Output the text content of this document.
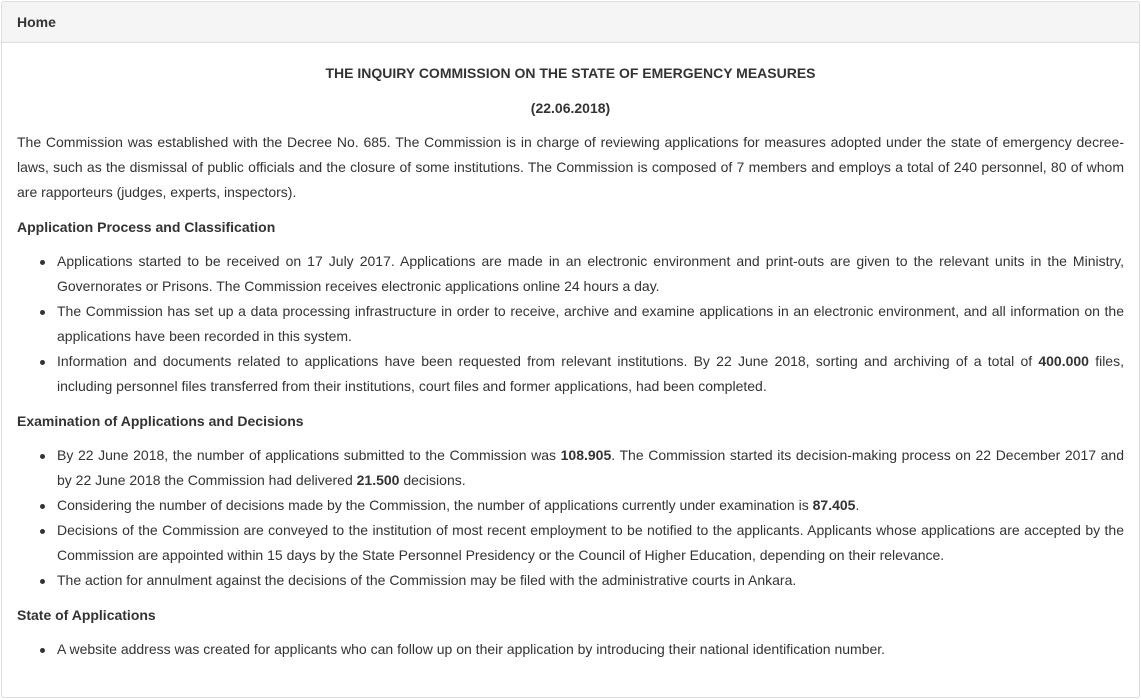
Home
THE INQUIRY COMMISSION ON THE STATE OF EMERGENCY MEASURES
(22.06.2018)
The Commission was established with the Decree No. 685. The Commission is in charge of reviewing applications for measures adopted under the state of emergency decree-laws, such as the dismissal of public officials and the closure of some institutions. The Commission is composed of 7 members and employs a total of 240 personnel, 80 of whom are rapporteurs (judges, experts, inspectors).
Application Process and Classification
Applications started to be received on 17 July 2017. Applications are made in an electronic environment and print-outs are given to the relevant units in the Ministry, Governorates or Prisons. The Commission receives electronic applications online 24 hours a day.
The Commission has set up a data processing infrastructure in order to receive, archive and examine applications in an electronic environment, and all information on the applications have been recorded in this system.
Information and documents related to applications have been requested from relevant institutions. By 22 June 2018, sorting and archiving of a total of 400.000 files, including personnel files transferred from their institutions, court files and former applications, had been completed.
Examination of Applications and Decisions
By 22 June 2018, the number of applications submitted to the Commission was 108.905. The Commission started its decision-making process on 22 December 2017 and by 22 June 2018 the Commission had delivered 21.500 decisions.
Considering the number of decisions made by the Commission, the number of applications currently under examination is 87.405.
Decisions of the Commission are conveyed to the institution of most recent employment to be notified to the applicants. Applicants whose applications are accepted by the Commission are appointed within 15 days by the State Personnel Presidency or the Council of Higher Education, depending on their relevance.
The action for annulment against the decisions of the Commission may be filed with the administrative courts in Ankara.
State of Applications
A website address was created for applicants who can follow up on their application by introducing their national identification number.
